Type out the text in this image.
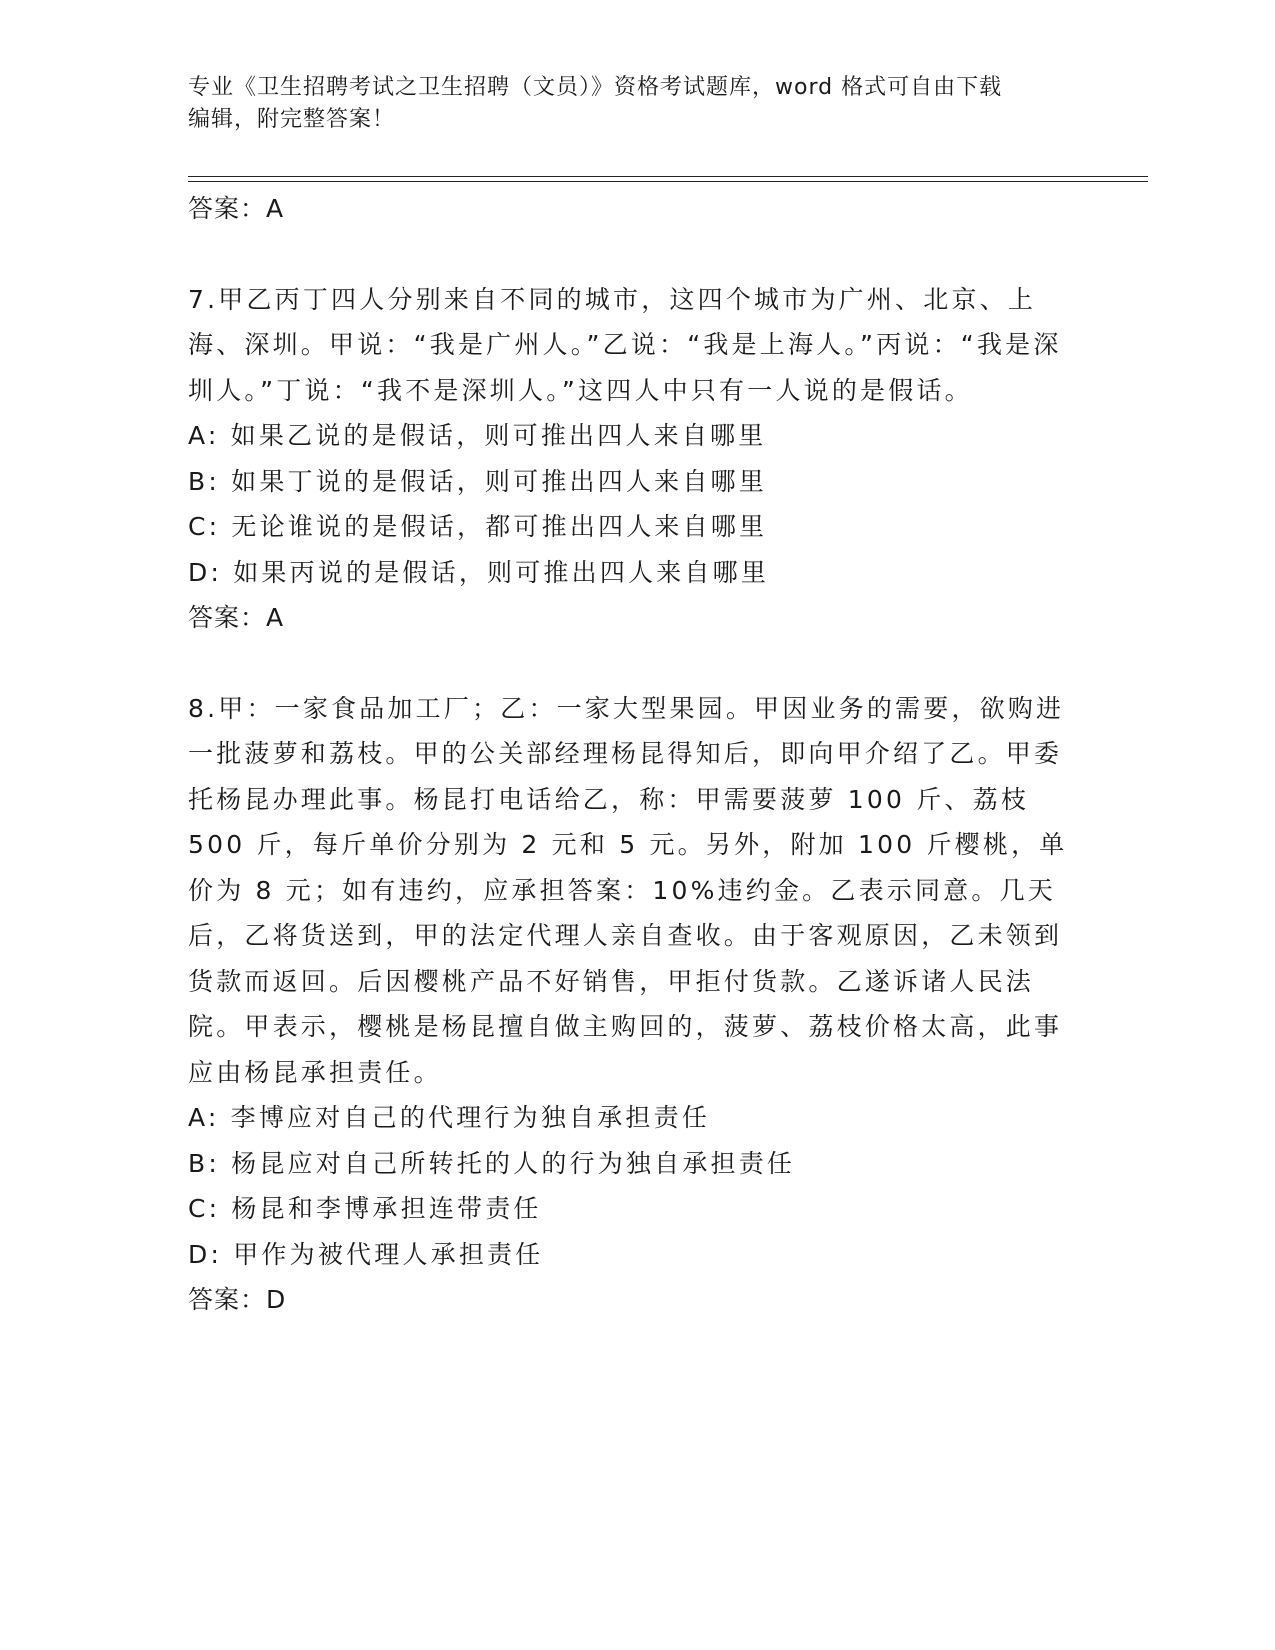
专业《卫生招聘考试之卫生招聘（文员）》资格考试题库，word 格式可自由下载
编辑，附完整答案！

答案：A

7.甲乙丙丁四人分别来自不同的城市，这四个城市为广州、北京、上海、深圳。甲说：“我是广州人。”乙说：“我是上海人。”丙说：“我是深圳人。”丁说：“我不是深圳人。”这四人中只有一人说的是假话。

A: 如果乙说的是假话，则可推出四人来自哪里

B: 如果丁说的是假话，则可推出四人来自哪里

C: 无论谁说的是假话，都可推出四人来自哪里

D: 如果丙说的是假话，则可推出四人来自哪里

答案：A

8.甲：一家食品加工厂；乙：一家大型果园。甲因业务的需要，欲购进一批菠萝和荔枝。甲的公关部经理杨昆得知后，即向甲介绍了乙。甲委托杨昆办理此事。杨昆打电话给乙，称：甲需要菠萝 100 斤、荔枝 500 斤，每斤单价分别为 2 元和 5 元。另外，附加 100 斤樱桃，单价为 8 元；如有违约，应承担答案：10%违约金。乙表示同意。几天后，乙将货送到，甲的法定代理人亲自查收。由于客观原因，乙未领到货款而返回。后因樱桃产品不好销售，甲拒付货款。乙遂诉诸人民法院。甲表示，樱桃是杨昆擅自做主购回的，菠萝、荔枝价格太高，此事应由杨昆承担责任。

A: 李博应对自己的代理行为独自承担责任

B: 杨昆应对自己所转托的人的行为独自承担责任

C: 杨昆和李博承担连带责任

D: 甲作为被代理人承担责任

答案：D
